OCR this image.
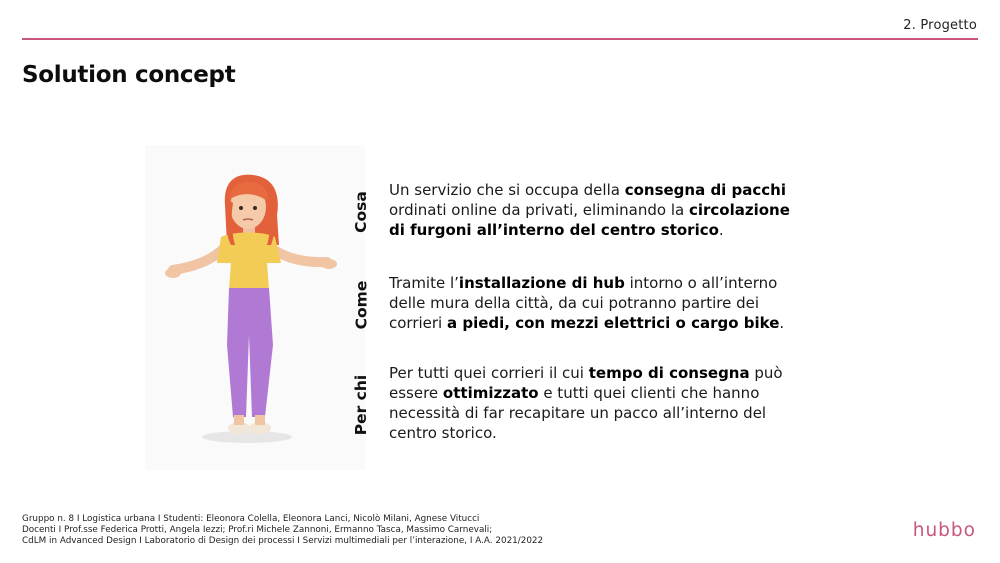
2. Progetto
Solution concept
Cosa
Un servizio che si occupa della consegna di pacchi ordinati online da privati, eliminando la circolazione di furgoni all’interno del centro storico.
Come Tramite l’installazione di hub intorno o all’interno delle mura della città, da cui potranno partire dei corrieri a piedi, con mezzi elettrici o cargo bike.
Per chi
Per tutti quei corrieri il cui tempo di consegna può essere ottimizzato e tutti quei clienti che hanno necessità di far recapitare un pacco all’interno del centro storico.
Gruppo n. 8 I Logistica urbana I Studenti: Eleonora Colella, Eleonora Lanci, Nicolò Milani, Agnese Vitucci
Docenti I Prof.sse Federica Protti, Angela Iezzi; Prof.ri Michele Zannoni, Ermanno Tasca, Massimo Carnevali;
CdLM in Advanced Design I Laboratorio di Design dei processi I Servizi multimediali per l’interazione, I A.A. 2021/2022	hubbo
